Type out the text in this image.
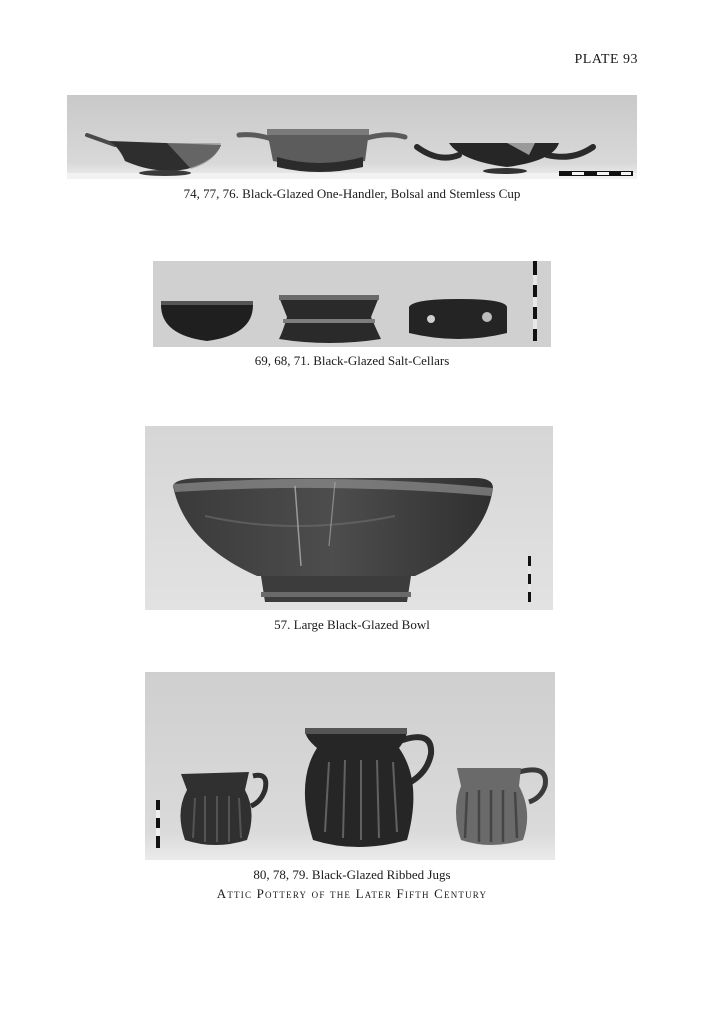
PLATE 93
74, 77, 76. Black-Glazed One-Handler, Bolsal and Stemless Cup
69, 68, 71. Black-Glazed Salt-Cellars
57. Large Black-Glazed Bowl
80, 78, 79. Black-Glazed Ribbed Jugs
Attic Pottery of the Later Fifth Century
